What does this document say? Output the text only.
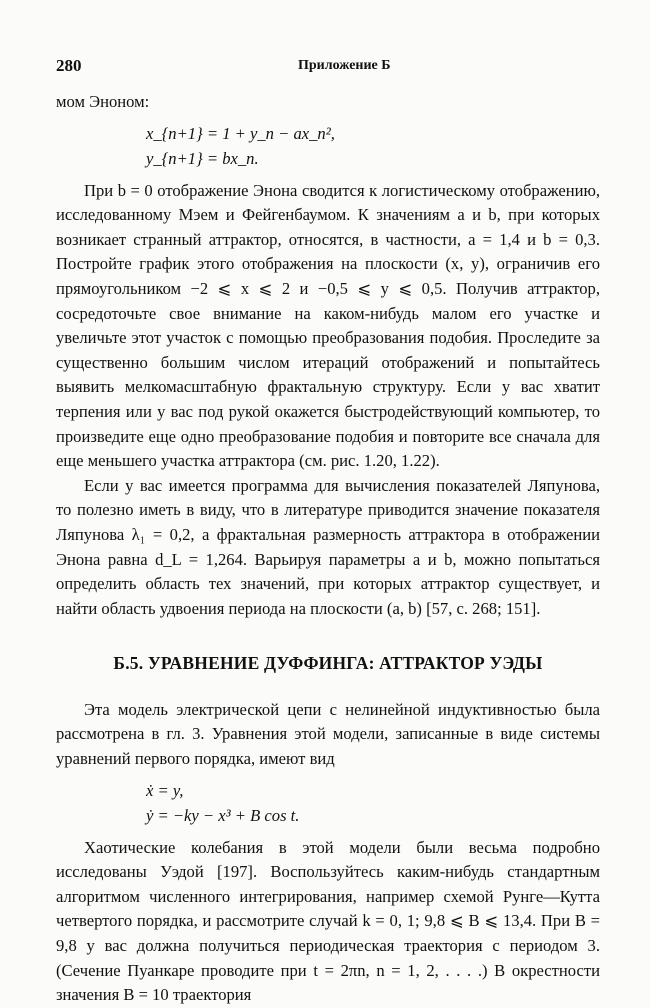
280	Приложение Б

мом Эноном:

x_{n+1} = 1 + y_n − ax_n²,
y_{n+1} = bx_n.

При b = 0 отображение Энона сводится к логистическому отображению, исследованному Мэем и Фейгенбаумом. К значениям a и b, при которых возникает странный аттрактор, относятся, в частности, a = 1,4 и b = 0,3. Постройте график этого отображения на плоскости (x, y), ограничив его прямоугольником −2 ⩽ x ⩽ 2 и −0,5 ⩽ y ⩽ 0,5. Получив аттрактор, сосредоточьте свое внимание на каком-нибудь малом его участке и увеличьте этот участок с помощью преобразования подобия. Проследите за существенно большим числом итераций отображений и попытайтесь выявить мелкомасштабную фрактальную структуру. Если у вас хватит терпения или у вас под рукой окажется быстродействующий компьютер, то произведите еще одно преобразование подобия и повторите все сначала для еще меньшего участка аттрактора (см. рис. 1.20, 1.22).

Если у вас имеется программа для вычисления показателей Ляпунова, то полезно иметь в виду, что в литературе приводится значение показателя Ляпунова λ₁ = 0,2, а фрактальная размерность аттрактора в отображении Энона равна d_L = 1,264. Варьируя параметры a и b, можно попытаться определить область тех значений, при которых аттрактор существует, и найти область удвоения периода на плоскости (a, b) [57, с. 268; 151].

Б.5. УРАВНЕНИЕ ДУФФИНГА: АТТРАКТОР УЭДЫ

Эта модель электрической цепи с нелинейной индуктивностью была рассмотрена в гл. 3. Уравнения этой модели, записанные в виде системы уравнений первого порядка, имеют вид

ẋ = y,
ẏ = −ky − x³ + B cos t.

Хаотические колебания в этой модели были весьма подробно исследованы Уэдой [197]. Воспользуйтесь каким-нибудь стандартным алгоритмом численного интегрирования, например схемой Рунге—Кутта четвертого порядка, и рассмотрите случай k = 0, 1; 9,8 ⩽ B ⩽ 13,4. При B = 9,8 у вас должна получиться периодическая траектория с периодом 3. (Сечение Пуанкаре проводите при t = 2πn, n = 1, 2, . . . .) В окрестности значения B = 10 траектория
